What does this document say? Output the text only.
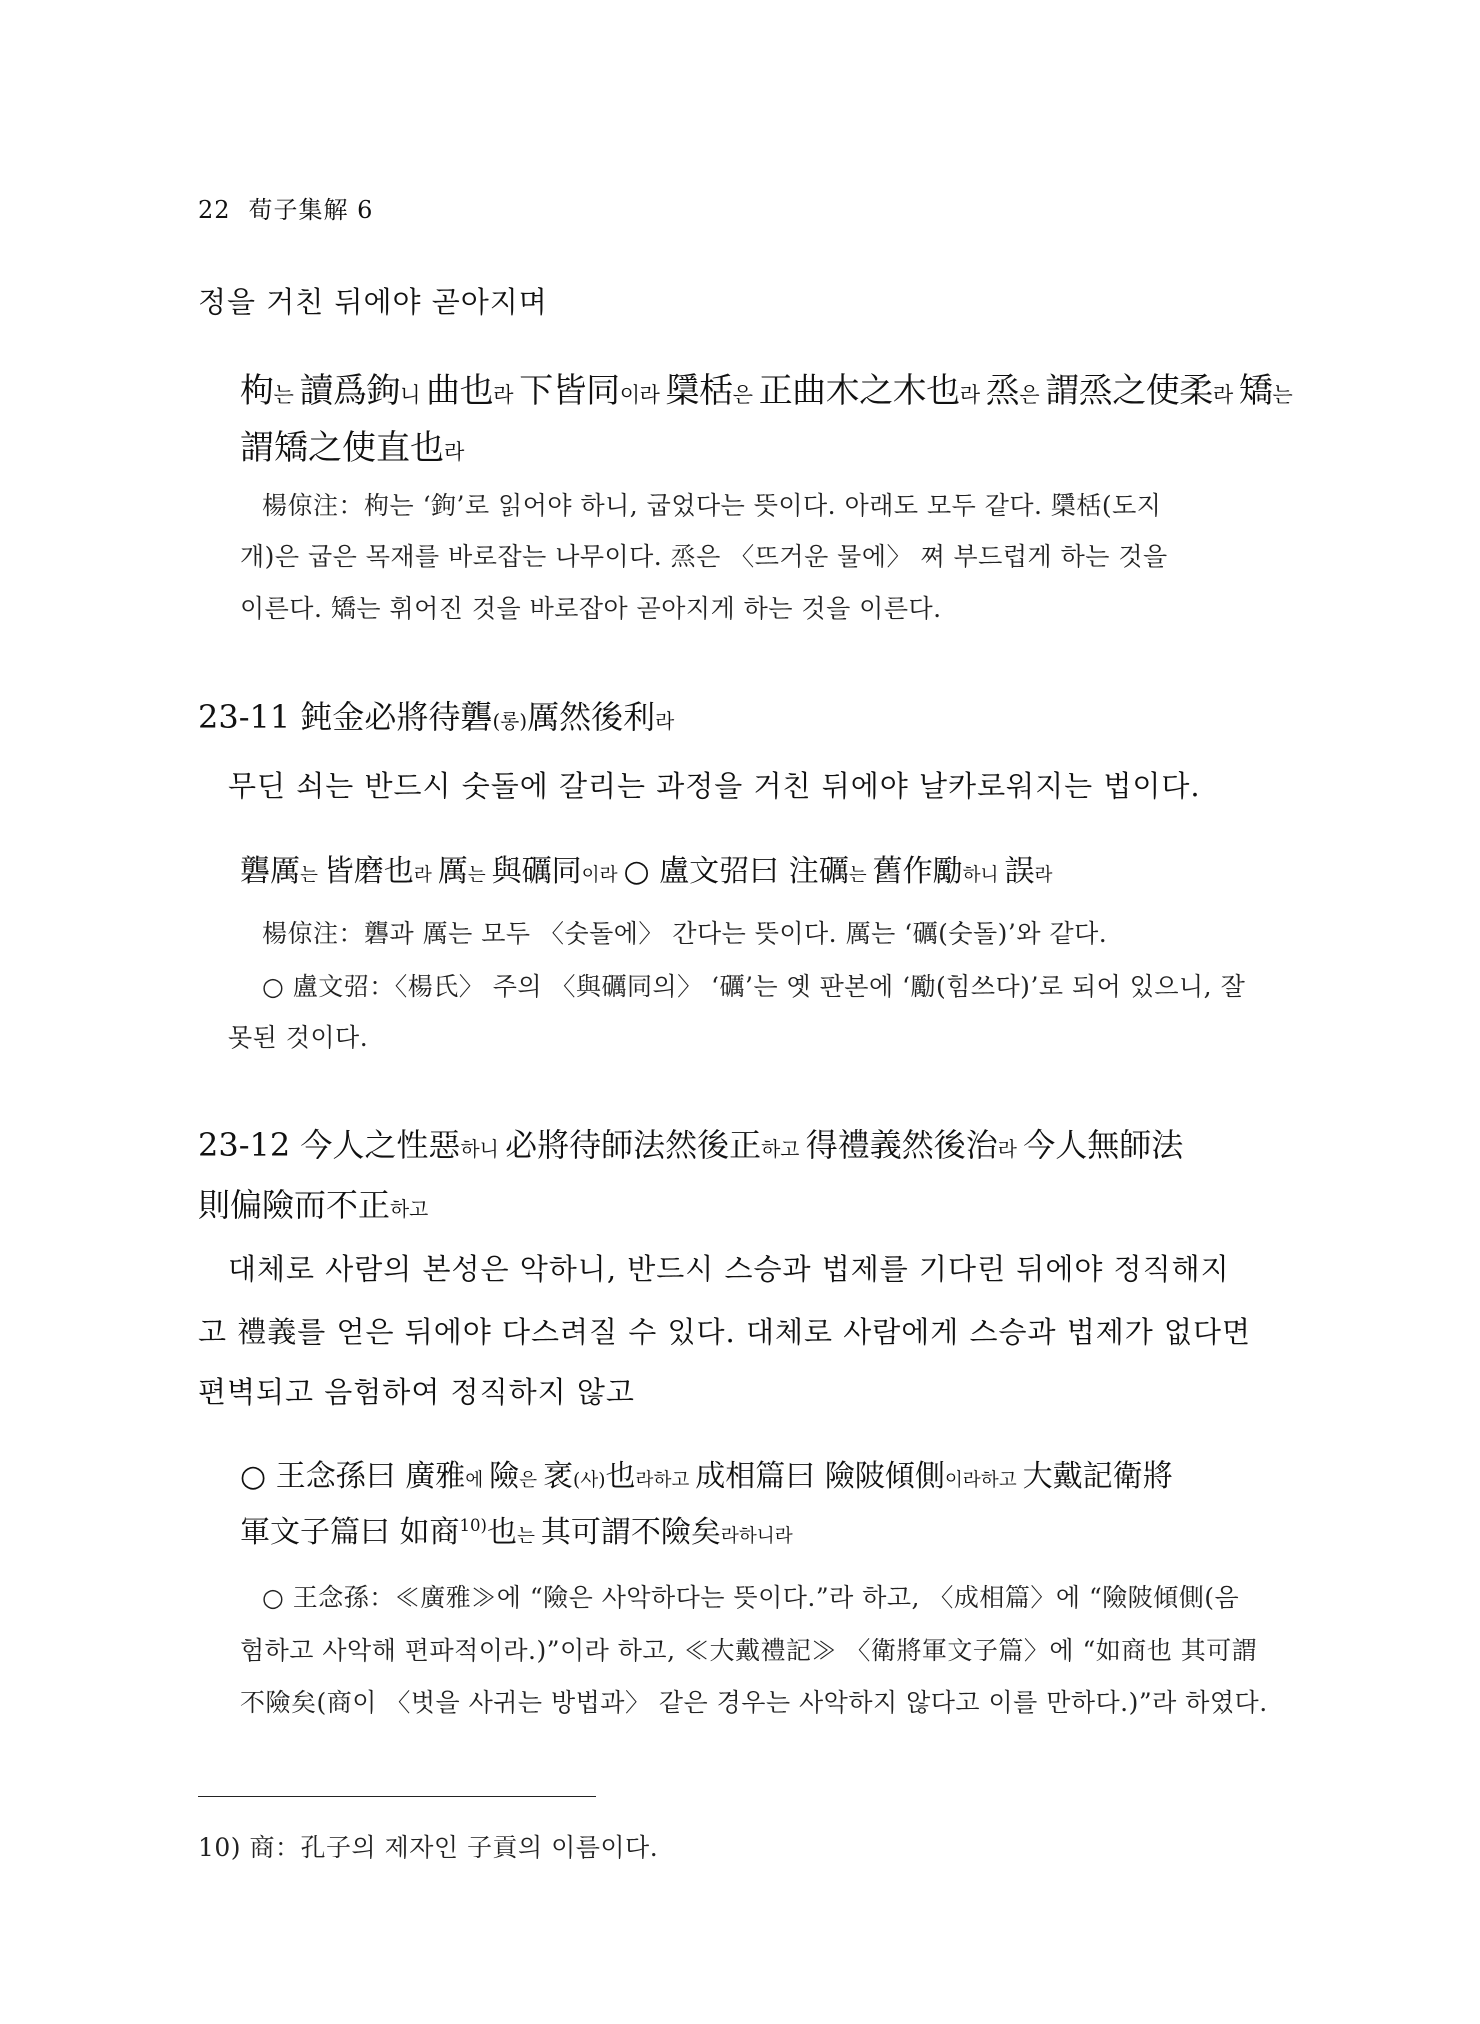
22 荀子集解 6
정을 거친 뒤에야 곧아지며
枸는 讀爲鉤니 曲也라 下皆同이라 檃栝은 正曲木之木也라 烝은 謂烝之使柔라 矯는
謂矯之使直也라
楊倞注：枸는 ‘鉤’로 읽어야 하니, 굽었다는 뜻이다. 아래도 모두 같다. 檃栝(도지
개)은 굽은 목재를 바로잡는 나무이다. 烝은 〈뜨거운 물에〉 쪄 부드럽게 하는 것을
이른다. 矯는 휘어진 것을 바로잡아 곧아지게 하는 것을 이른다.
23-11 鈍金必將待礱(롱)厲然後利라
무딘 쇠는 반드시 숫돌에 갈리는 과정을 거친 뒤에야 날카로워지는 법이다.
礱厲는 皆磨也라 厲는 與礪同이라 ○ 盧文弨曰 注礪는 舊作勵하니 誤라
楊倞注：礱과 厲는 모두 〈숫돌에〉 간다는 뜻이다. 厲는 ‘礪(숫돌)’와 같다.
○ 盧文弨：〈楊氏〉 주의 〈與礪同의〉 ‘礪’는 옛 판본에 ‘勵(힘쓰다)’로 되어 있으니, 잘
못된 것이다.
23-12 今人之性惡하니 必將待師法然後正하고 得禮義然後治라 今人無師法
則偏險而不正하고
대체로 사람의 본성은 악하니, 반드시 스승과 법제를 기다린 뒤에야 정직해지
고 禮義를 얻은 뒤에야 다스려질 수 있다. 대체로 사람에게 스승과 법제가 없다면
편벽되고 음험하여 정직하지 않고
○ 王念孫曰 廣雅에 險은 衺(사)也라하고 成相篇曰 險陂傾側이라하고 大戴記衛將
軍文子篇曰 如商$^{10)}$也는 其可謂不險矣라하니라
○ 王念孫：≪廣雅≫에 “險은 사악하다는 뜻이다.”라 하고, 〈成相篇〉에 “險陂傾側(음
험하고 사악해 편파적이라.)”이라 하고, ≪大戴禮記≫ 〈衛將軍文子篇〉에 “如商也 其可謂
不險矣(商이 〈벗을 사귀는 방법과〉 같은 경우는 사악하지 않다고 이를 만하다.)”라 하였다.
10) 商：孔子의 제자인 子貢의 이름이다.
